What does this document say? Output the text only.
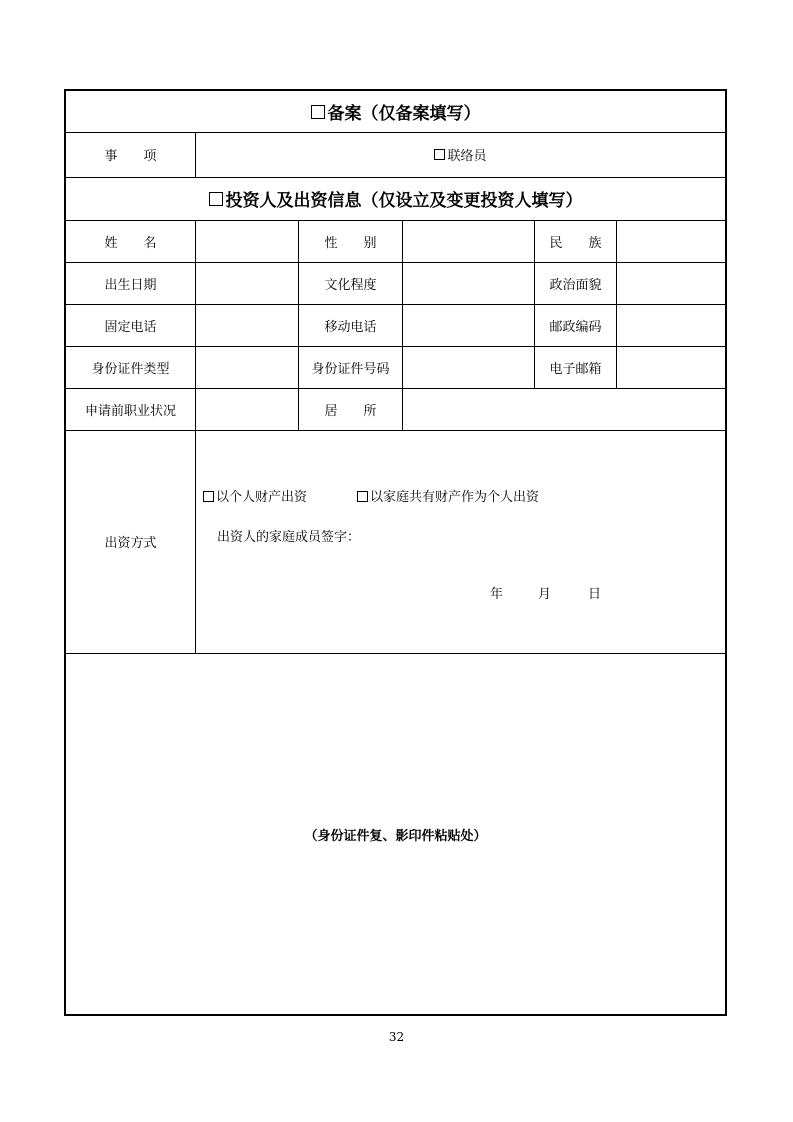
备案（仅备案填写）
事　　项	联络员
投资人及出资信息（仅设立及变更投资人填写）
姓　　名	性　　别	民　　族
出生日期	文化程度	政治面貌
固定电话	移动电话	邮政编码
身份证件类型	身份证件号码	电子邮箱
申请前职业状况	居　　所
出资方式
以个人财产出资	以家庭共有财产作为个人出资
出资人的家庭成员签字：
年	月	日
（身份证件复、影印件粘贴处）
32
